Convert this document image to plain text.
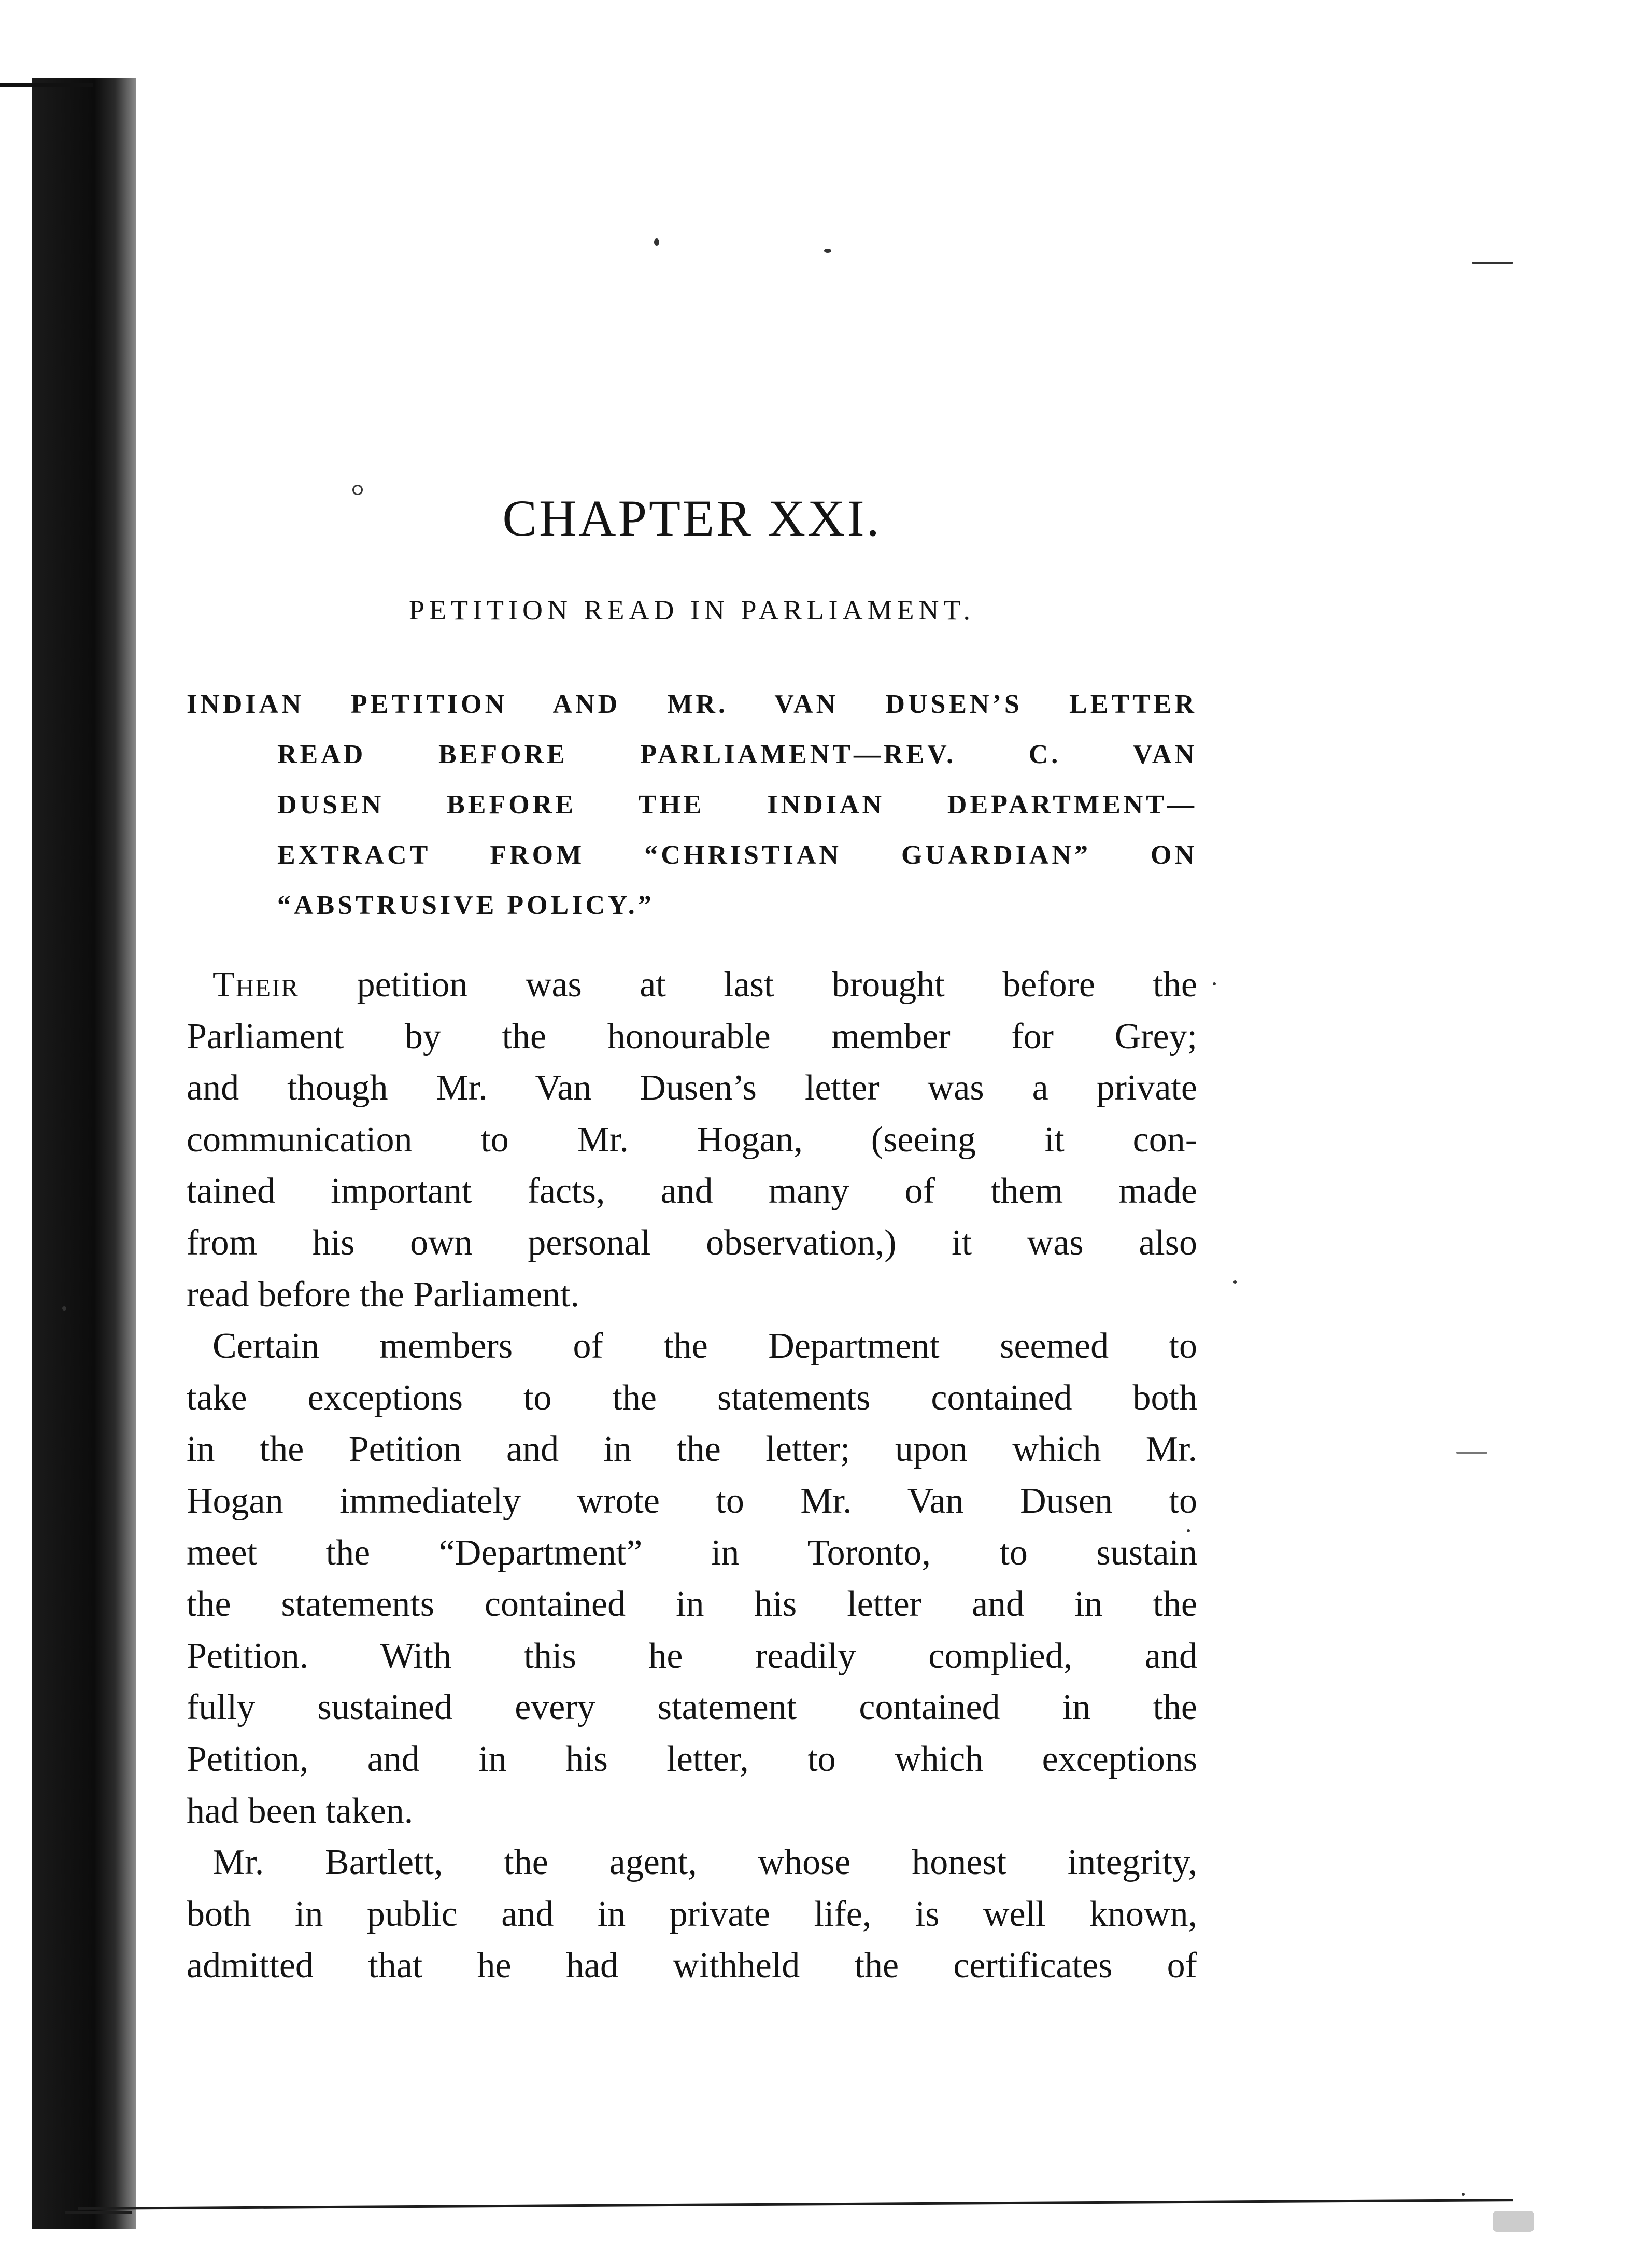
CHAPTER XXI.
PETITION READ IN PARLIAMENT.
INDIAN PETITION AND MR. VAN DUSEN’S LETTER
READ BEFORE PARLIAMENT—REV. C. VAN
DUSEN BEFORE THE INDIAN DEPARTMENT—
EXTRACT FROM “CHRISTIAN GUARDIAN” ON
“ABSTRUSIVE POLICY.”
Their petition was at last brought before the
Parliament by the honourable member for Grey;
and though Mr. Van Dusen’s letter was a private
communication to Mr. Hogan, (seeing it con-
tained important facts, and many of them made
from his own personal observation,) it was also
read before the Parliament.
Certain members of the Department seemed to
take exceptions to the statements contained both
in the Petition and in the letter; upon which Mr.
Hogan immediately wrote to Mr. Van Dusen to
meet the “Department” in Toronto, to sustain
the statements contained in his letter and in the
Petition. With this he readily complied, and
fully sustained every statement contained in the
Petition, and in his letter, to which exceptions
had been taken.
Mr. Bartlett, the agent, whose honest integrity,
both in public and in private life, is well known,
admitted that he had withheld the certificates of
